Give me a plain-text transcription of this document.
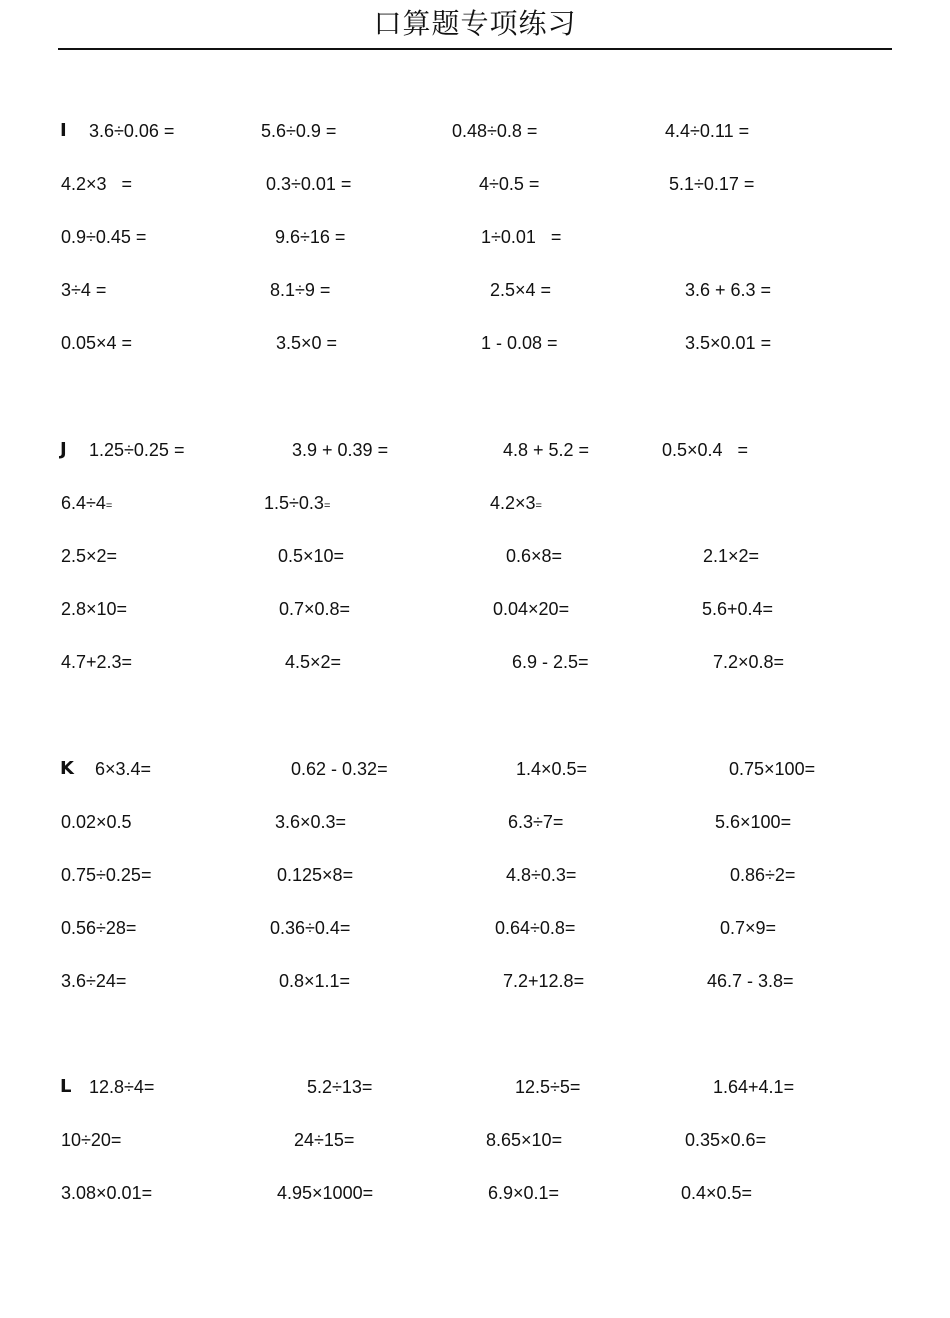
口算题专项练习
I 3.6÷0.06 =	5.6÷0.9 =	0.48÷0.8 =	4.4÷0.11 =
4.2×3   =	0.3÷0.01 =	4÷0.5 =	5.1÷0.17 =
0.9÷0.45 =	9.6÷16 =	1÷0.01   =
3÷4 =	8.1÷9 =	2.5×4 =	3.6 + 6.3 =
0.05×4 =	3.5×0 =	1 - 0.08 =	3.5×0.01 =
J 1.25÷0.25 =	3.9 + 0.39 =	4.8 + 5.2 =	0.5×0.4   =
6.4÷4=	1.5÷0.3=	4.2×3=
2.5×2=	0.5×10=	0.6×8=	2.1×2=
2.8×10=	0.7×0.8=	0.04×20=	5.6+0.4=
4.7+2.3=	4.5×2=	6.9 - 2.5=	7.2×0.8=
K 6×3.4=	0.62 - 0.32=	1.4×0.5=	0.75×100=
0.02×0.5	3.6×0.3=	6.3÷7=	5.6×100=
0.75÷0.25=	0.125×8=	4.8÷0.3=	0.86÷2=
0.56÷28=	0.36÷0.4=	0.64÷0.8=	0.7×9=
3.6÷24=	0.8×1.1=	7.2+12.8=	46.7 - 3.8=
L 12.8÷4=	5.2÷13=	12.5÷5=	1.64+4.1=
10÷20=	24÷15=	8.65×10=	0.35×0.6=
3.08×0.01=	4.95×1000=	6.9×0.1=	0.4×0.5=
